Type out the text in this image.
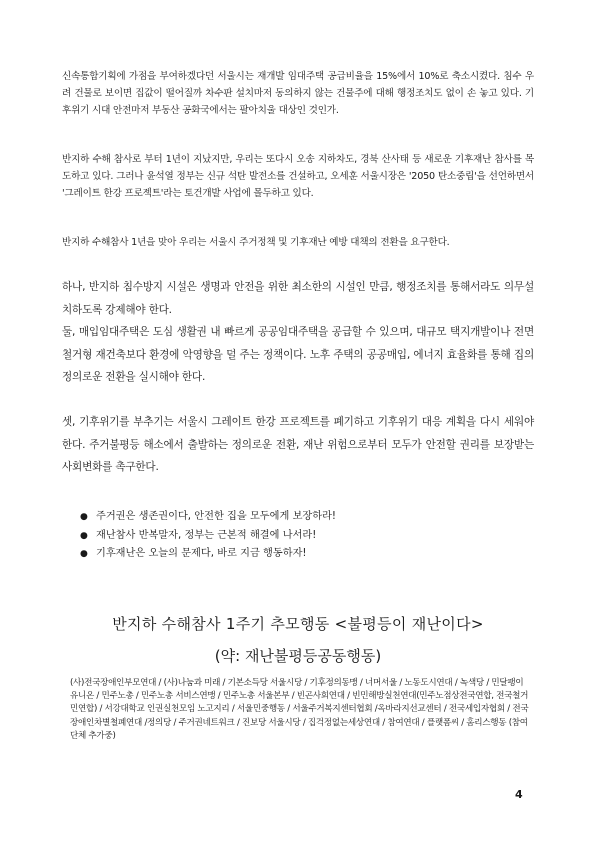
신속통합기획에 가점을 부여하겠다던 서울시는 재개발 임대주택 공급비율을 15%에서 10%로 축소시켰다. 침수 우려 건물로 보이면 집값이 떨어질까 차수판 설치마저 동의하지 않는 건물주에 대해 행정조치도 없이 손 놓고 있다. 기후위기 시대 안전마저 부동산 공화국에서는 팔아치울 대상인 것인가.

반지하 수해 참사로 부터 1년이 지났지만, 우리는 또다시 오송 지하차도, 경북 산사태 등 새로운 기후재난 참사를 목도하고 있다. 그러나 윤석열 정부는 신규 석탄 발전소를 건설하고, 오세훈 서울시장은 '2050 탄소중립'을 선언하면서 '그레이트 한강 프로젝트'라는 토건개발 사업에 몰두하고 있다.

반지하 수해참사 1년을 맞아 우리는 서울시 주거정책 및 기후재난 예방 대책의 전환을 요구한다.

하나, 반지하 침수방지 시설은 생명과 안전을 위한 최소한의 시설인 만큼, 행정조치를 통해서라도 의무설치하도록 강제해야 한다.

둘, 매입임대주택은 도심 생활권 내 빠르게 공공임대주택을 공급할 수 있으며, 대규모 택지개발이나 전면 철거형 재건축보다 환경에 악영향을 덜 주는 정책이다. 노후 주택의 공공매입, 에너지 효율화를 통해 집의 정의로운 전환을 실시해야 한다.

셋, 기후위기를 부추기는 서울시 그레이트 한강 프로젝트를 폐기하고 기후위기 대응 계획을 다시 세워야 한다. 주거불평등 해소에서 출발하는 정의로운 전환, 재난 위험으로부터 모두가 안전할 권리를 보장받는 사회변화를 촉구한다.

● 주거권은 생존권이다, 안전한 집을 모두에게 보장하라!
● 재난참사 반복말자, 정부는 근본적 해결에 나서라!
● 기후재난은 오늘의 문제다, 바로 지금 행동하자!
반지하 수해참사 1주기 추모행동 <불평등이 재난이다>
(약: 재난불평등공동행동)

(사)전국장애인부모연대 / (사)나눔과 미래 / 기본소득당 서울시당 / 기후정의동맹 / 너머서울 / 노동도시연대 / 녹색당 / 민달팽이유니온 / 민주노총 / 민주노총 서비스연맹 / 민주노총 서울본부 / 빈곤사회연대 / 빈민해방실천연대(민주노점상전국연합, 전국철거민연합) / 서강대학교 인권실천모임 노고지리 / 서울민중행동 / 서울주거복지센터협회 /옥바라지선교센터 / 전국세입자협회 / 전국장애인차별철폐연대 /정의당 / 주거권네트워크 / 진보당 서울시당 / 집걱정없는세상연대 / 참여연대 / 플랫폼씨 / 홈리스행동 (참여단체 추가중)

4
